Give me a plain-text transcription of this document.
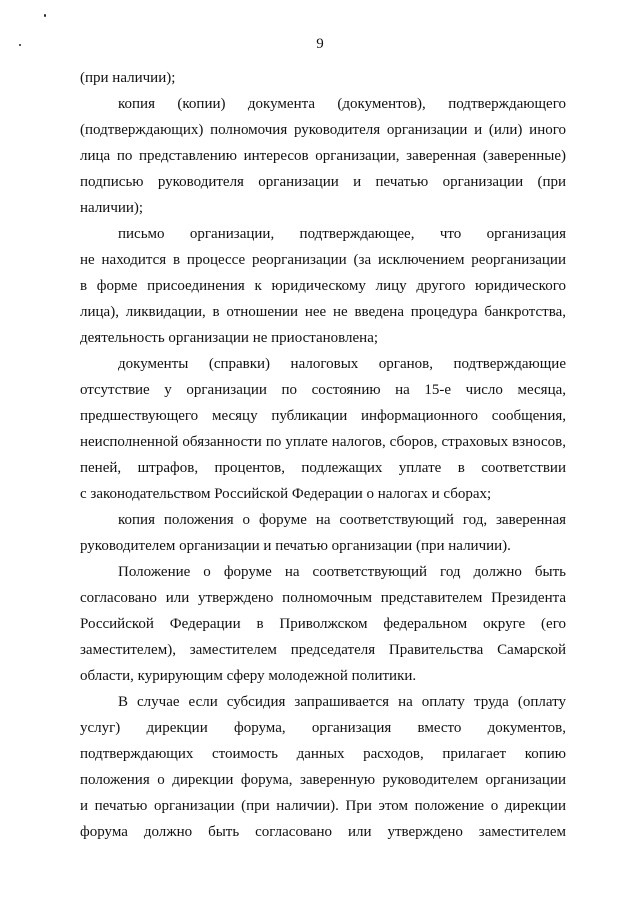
9
(при наличии);
копия (копии) документа (документов), подтверждающего
(подтверждающих) полномочия руководителя организации и (или) иного
лица по представлению интересов организации, заверенная (заверенные)
подписью руководителя организации и печатью организации (при
наличии);
письмо организации, подтверждающее, что организация
не находится в процессе реорганизации (за исключением реорганизации
в форме присоединения к юридическому лицу другого юридического
лица), ликвидации, в отношении нее не введена процедура банкротства,
деятельность организации не приостановлена;
документы (справки) налоговых органов, подтверждающие
отсутствие у организации по состоянию на 15-е число месяца,
предшествующего месяцу публикации информационного сообщения,
неисполненной обязанности по уплате налогов, сборов, страховых взносов,
пеней, штрафов, процентов, подлежащих уплате в соответствии
с законодательством Российской Федерации о налогах и сборах;
копия положения о форуме на соответствующий год, заверенная
руководителем организации и печатью организации (при наличии).
Положение о форуме на соответствующий год должно быть
согласовано или утверждено полномочным представителем Президента
Российской Федерации в Приволжском федеральном округе (его
заместителем), заместителем председателя Правительства Самарской
области, курирующим сферу молодежной политики.
В случае если субсидия запрашивается на оплату труда (оплату
услуг) дирекции форума, организация вместо документов,
подтверждающих стоимость данных расходов, прилагает копию
положения о дирекции форума, заверенную руководителем организации
и печатью организации (при наличии). При этом положение о дирекции
форума должно быть согласовано или утверждено заместителем
